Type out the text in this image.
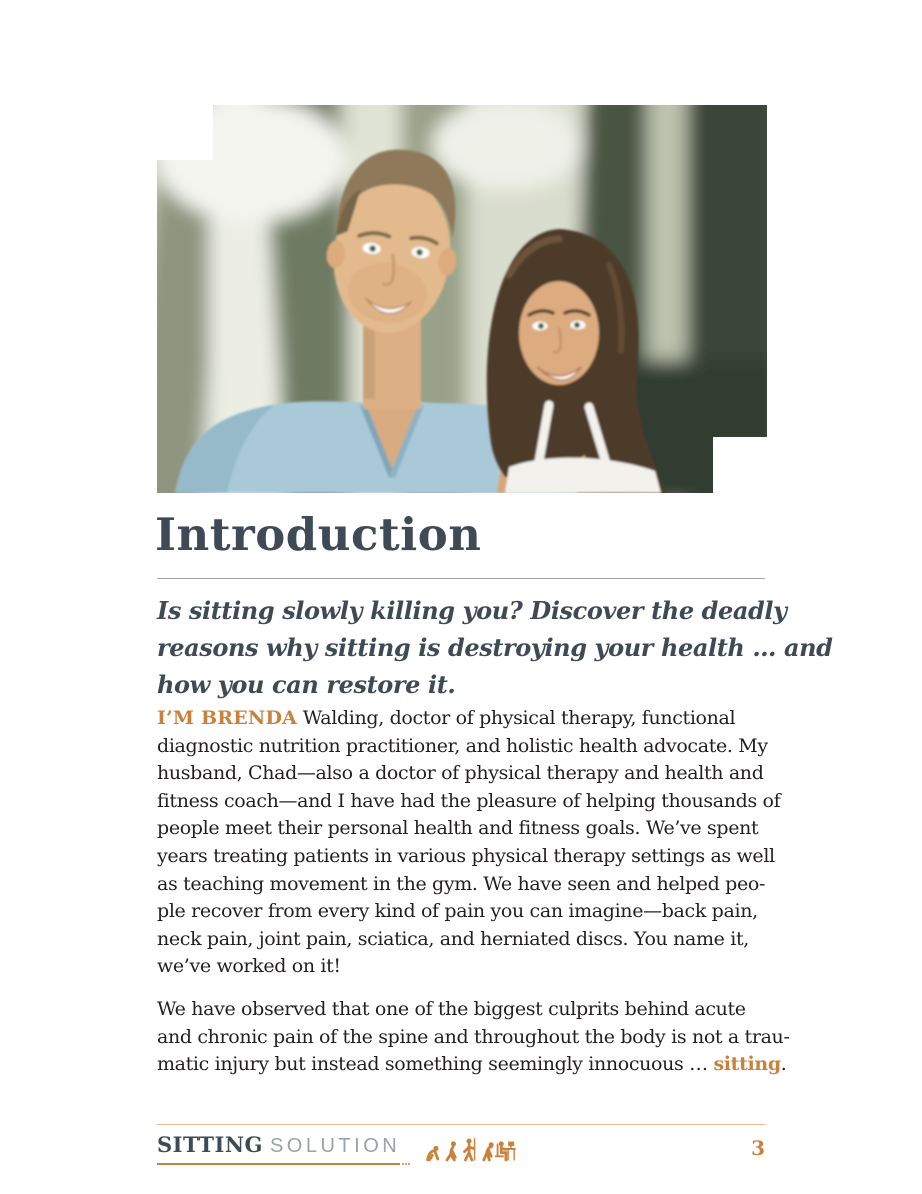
Introduction
Is sitting slowly killing you? Discover the deadly
reasons why sitting is destroying your health … and
how you can restore it.
I’M BRENDA Walding, doctor of physical therapy, functional
diagnostic nutrition practitioner, and holistic health advocate. My
husband, Chad—also a doctor of physical therapy and health and
fitness coach—and I have had the pleasure of helping thousands of
people meet their personal health and fitness goals. We’ve spent
years treating patients in various physical therapy settings as well
as teaching movement in the gym. We have seen and helped peo-
ple recover from every kind of pain you can imagine—back pain,
neck pain, joint pain, sciatica, and herniated discs. You name it,
we’ve worked on it!
We have observed that one of the biggest culprits behind acute
and chronic pain of the spine and throughout the body is not a trau-
matic injury but instead something seemingly innocuous … sitting.
SITTING SOLUTION	3
